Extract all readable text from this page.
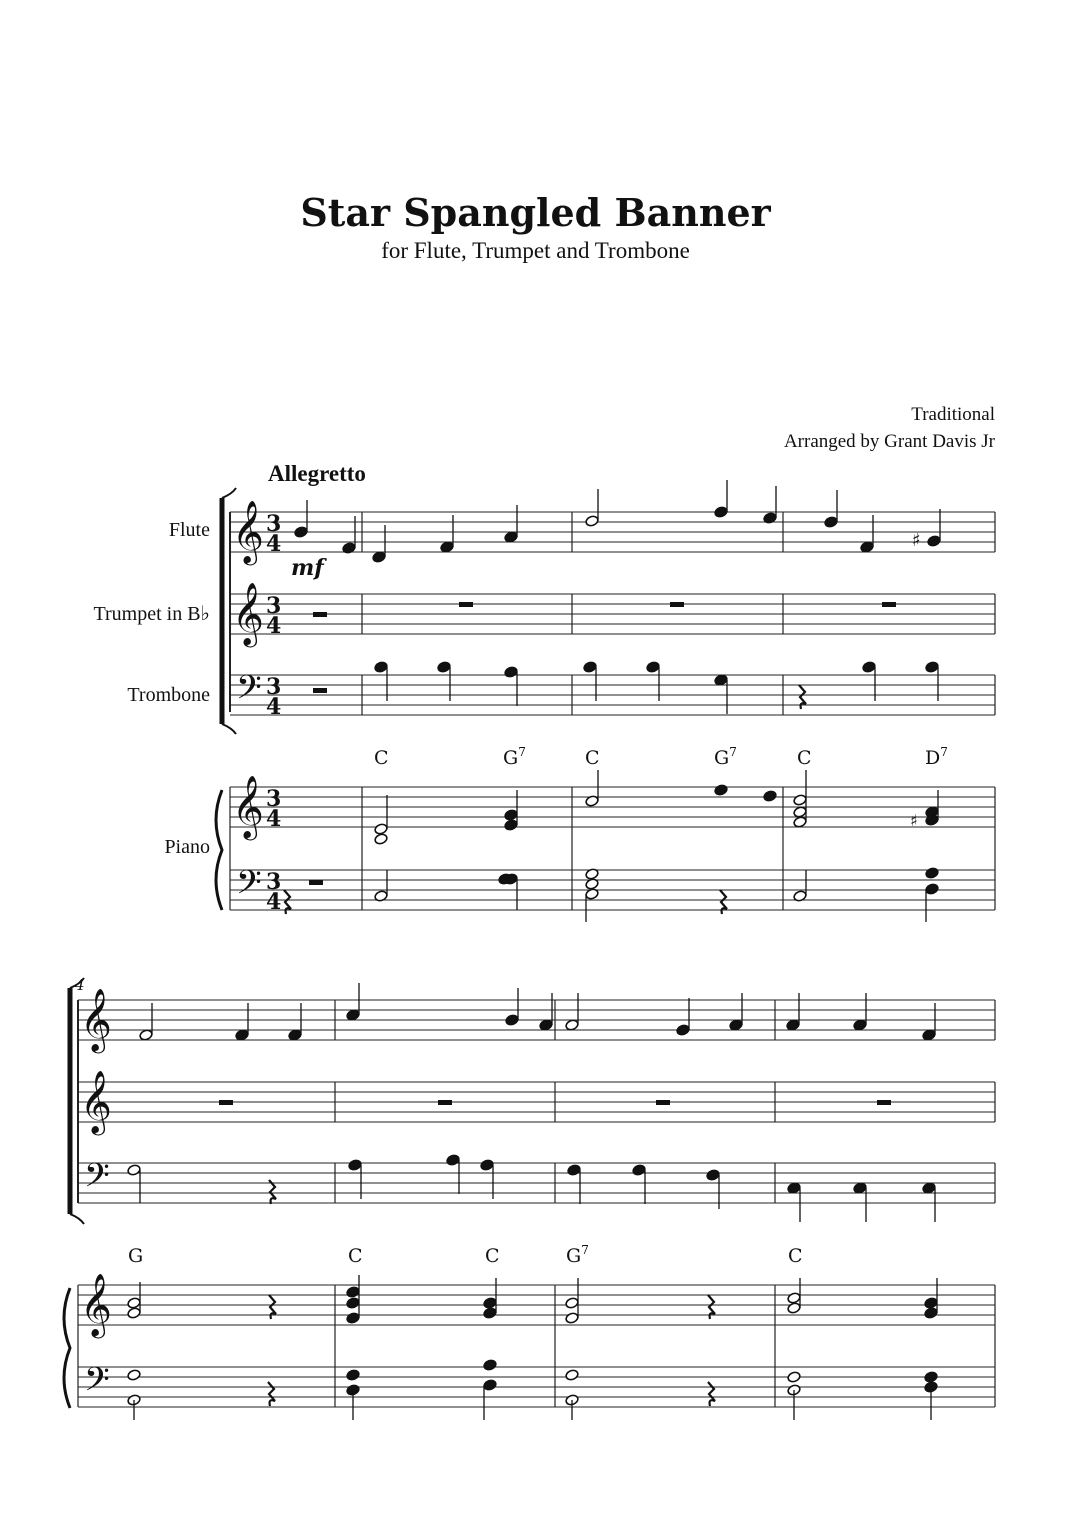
Star Spangled Banner
for Flute, Trumpet and Trombone
Traditional
Arranged by Grant Davis Jr
Allegretto
Flute
Trumpet in B♭
Trombone
Piano
mf
4
𝄞 3
4
𝄞 3
4
𝄢 3
4
𝄞 3
4
𝄢 3
4
♯
♯
𝄞
𝄞
𝄢
𝄞
𝄢
C	$G^7$	C	$G^7$	C	$D^7$
G	C	C	$G^7$	C
